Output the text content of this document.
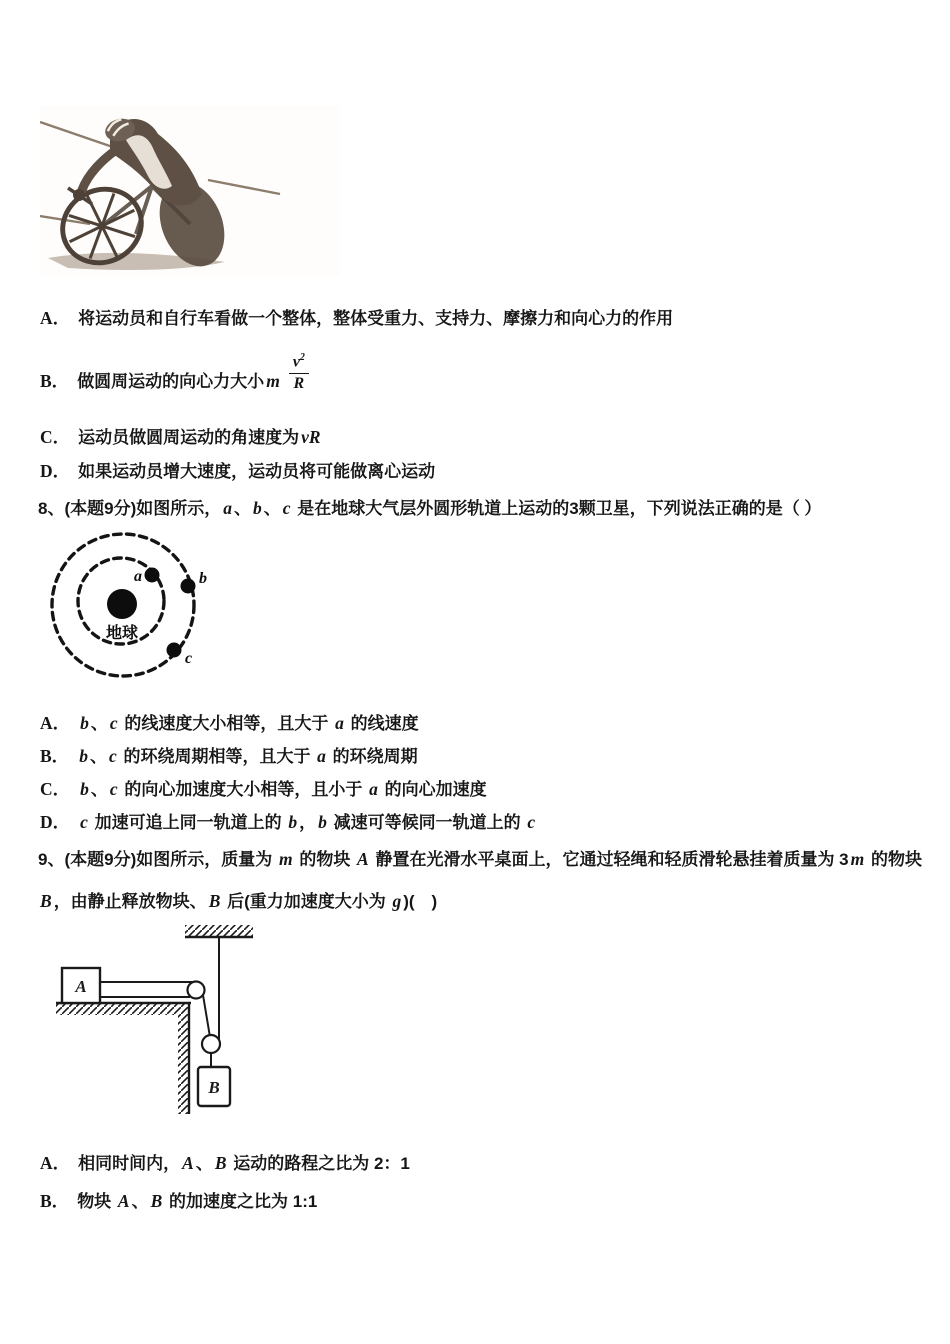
A． 将运动员和自行车看做一个整体，整体受重力、支持力、摩擦力和向心力的作用
B． 做圆周运动的向心力大小 m $\frac{v^2}{R}$
C． 运动员做圆周运动的角速度为 vR
D． 如果运动员增大速度，运动员将可能做离心运动
8、(本题9分)如图所示， a 、 b 、 c 是在地球大气层外圆形轨道上运动的3颗卫星，下列说法正确的是（ ）
地球
a	b
c
A． b 、 c 的线速度大小相等，且大于 a 的线速度
B． b 、 c 的环绕周期相等，且大于 a 的环绕周期
C． b 、 c 的向心加速度大小相等，且小于 a 的向心加速度
D． c 加速可追上同一轨道上的 b ， b 减速可等候同一轨道上的 c
9、(本题9分)如图所示，质量为 m 的物块 A 静置在光滑水平桌面上，它通过轻绳和轻质滑轮悬挂着质量为 3 m 的物块
B ，由静止释放物块、 B 后(重力加速度大小为 g )(　)
A
B
A． 相同时间内， A 、 B 运动的路程之比为 2：1
B． 物块 A 、 B 的加速度之比为 1:1
